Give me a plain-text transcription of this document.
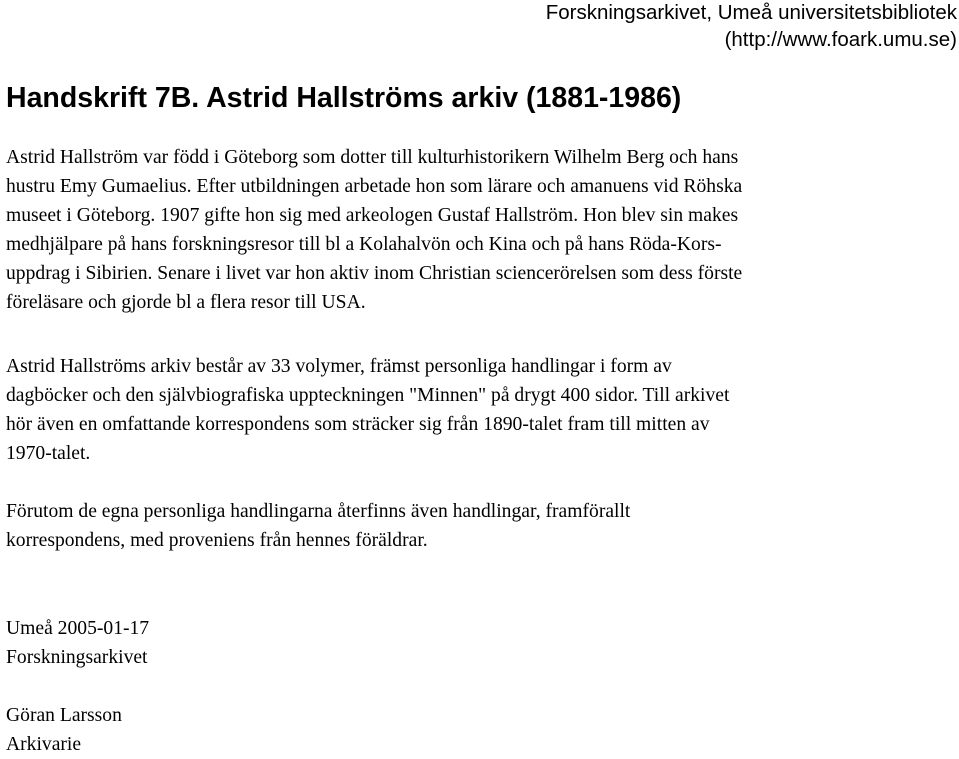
Forskningsarkivet, Umeå universitetsbibliotek
(http://www.foark.umu.se)
Handskrift 7B. Astrid Hallströms arkiv (1881-1986)
Astrid Hallström var född i Göteborg som dotter till kulturhistorikern Wilhelm Berg och hans
hustru Emy Gumaelius. Efter utbildningen arbetade hon som lärare och amanuens vid Röhska
museet i Göteborg. 1907 gifte hon sig med arkeologen Gustaf Hallström. Hon blev sin makes
medhjälpare på hans forskningsresor till bl a Kolahalvön och Kina och på hans Röda-Kors-
uppdrag i Sibirien. Senare i livet var hon aktiv inom Christian sciencerörelsen som dess förste
föreläsare och gjorde bl a flera resor till USA.
Astrid Hallströms arkiv består av 33 volymer, främst personliga handlingar i form av
dagböcker och den självbiografiska uppteckningen "Minnen" på drygt 400 sidor. Till arkivet
hör även en omfattande korrespondens som sträcker sig från 1890-talet fram till mitten av
1970-talet.
Förutom de egna personliga handlingarna återfinns även handlingar, framförallt
korrespondens, med proveniens från hennes föräldrar.
Umeå 2005-01-17
Forskningsarkivet
Göran Larsson
Arkivarie
